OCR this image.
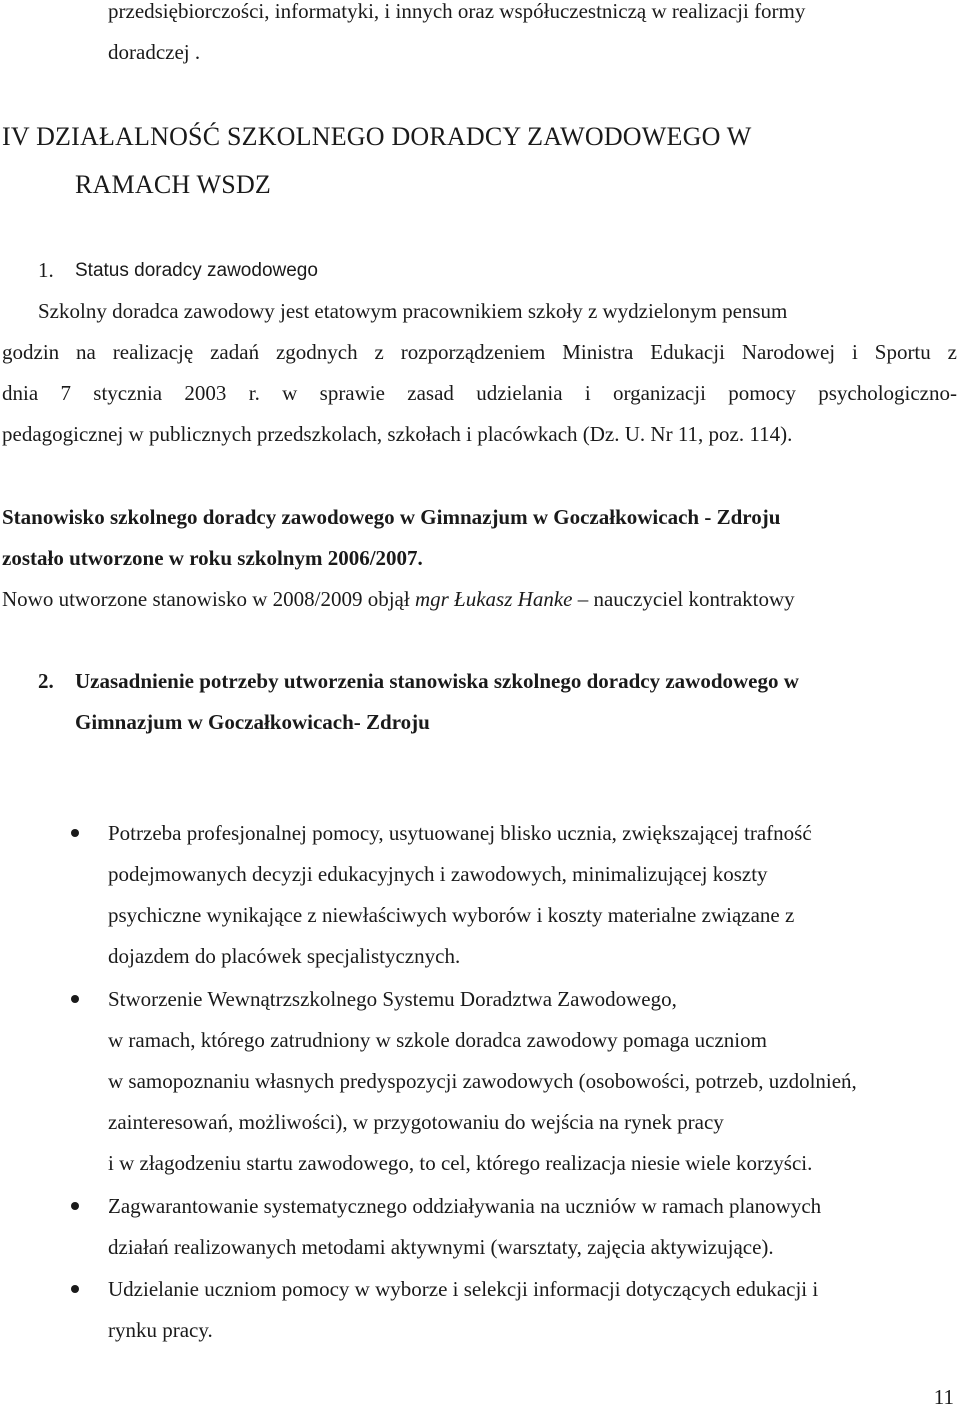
przedsiębiorczości, informatyki, i innych oraz współuczestniczą w realizacji formy
doradczej .
IV DZIAŁALNOŚĆ SZKOLNEGO DORADCY ZAWODOWEGO W
RAMACH WSDZ
1. Status doradcy zawodowego
Szkolny doradca zawodowy jest etatowym pracownikiem szkoły z wydzielonym pensum
godzin na realizację zadań zgodnych z rozporządzeniem Ministra Edukacji Narodowej i Sportu z
dnia 7 stycznia 2003 r. w sprawie zasad udzielania i organizacji pomocy psychologiczno-
pedagogicznej w publicznych przedszkolach, szkołach i placówkach (Dz. U. Nr 11, poz. 114).
Stanowisko szkolnego doradcy zawodowego w Gimnazjum w Goczałkowicach - Zdroju
zostało utworzone w roku szkolnym 2006/2007.
Nowo utworzone stanowisko w 2008/2009 objął mgr Łukasz Hanke – nauczyciel kontraktowy
2. Uzasadnienie potrzeby utworzenia stanowiska szkolnego doradcy zawodowego w
Gimnazjum w Goczałkowicach- Zdroju
Potrzeba profesjonalnej pomocy, usytuowanej blisko ucznia, zwiększającej trafność
podejmowanych decyzji edukacyjnych i zawodowych, minimalizującej koszty
psychiczne wynikające z niewłaściwych wyborów i koszty materialne związane z
dojazdem do placówek specjalistycznych.
Stworzenie Wewnątrzszkolnego Systemu Doradztwa Zawodowego,
w ramach, którego zatrudniony w szkole doradca zawodowy pomaga uczniom
w samopoznaniu własnych predyspozycji zawodowych (osobowości, potrzeb, uzdolnień,
zainteresowań, możliwości), w przygotowaniu do wejścia na rynek pracy
i w złagodzeniu startu zawodowego, to cel, którego realizacja niesie wiele korzyści.
Zagwarantowanie systematycznego oddziaływania na uczniów w ramach planowych
działań realizowanych metodami aktywnymi (warsztaty, zajęcia aktywizujące).
Udzielanie uczniom pomocy w wyborze i selekcji informacji dotyczących edukacji i
rynku pracy.
11
